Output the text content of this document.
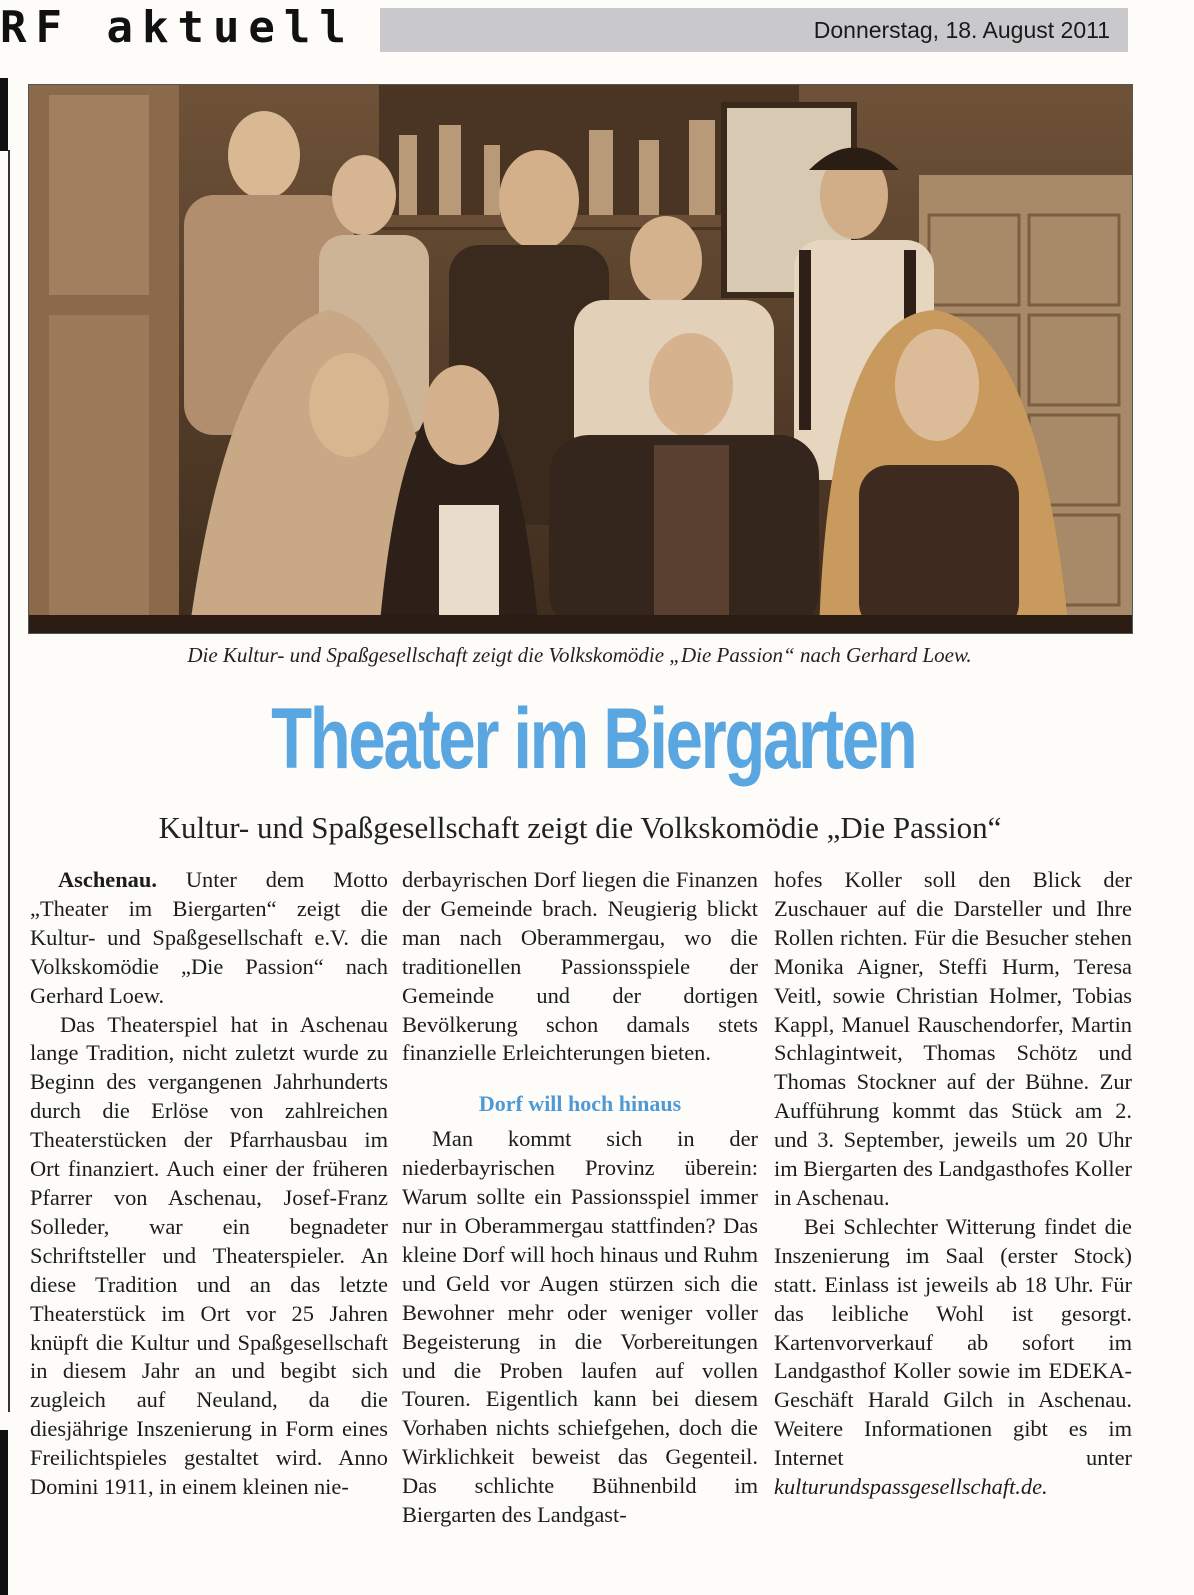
RF aktuell	Donnerstag, 18. August 2011
Die Kultur- und Spaßgesellschaft zeigt die Volkskomödie „Die Passion“ nach Gerhard Loew.
Theater im Biergarten
Kultur- und Spaßgesellschaft zeigt die Volkskomödie „Die Passion“

Aschenau. Unter dem Motto „Theater im Biergarten“ zeigt die Kultur- und Spaßgesellschaft e.V. die Volkskomödie „Die Passion“ nach Gerhard Loew.

Das Theaterspiel hat in Aschenau lange Tradition, nicht zuletzt wurde zu Beginn des vergangenen Jahrhunderts durch die Erlöse von zahlreichen Theaterstücken der Pfarrhausbau im Ort finanziert. Auch einer der früheren Pfarrer von Aschenau, Josef-Franz Solleder, war ein begnadeter Schriftsteller und Theaterspieler. An diese Tradition und an das letzte Theaterstück im Ort vor 25 Jahren knüpft die Kultur und Spaßgesellschaft in diesem Jahr an und begibt sich zugleich auf Neuland, da die diesjährige Inszenierung in Form eines Freilichtspieles gestaltet wird. Anno Domini 1911, in einem kleinen nie-

derbayrischen Dorf liegen die Finanzen der Gemeinde brach. Neugierig blickt man nach Oberammergau, wo die traditionellen Passionsspiele der Gemeinde und der dortigen Bevölkerung schon damals stets finanzielle Erleichterungen bieten.

Dorf will hoch hinaus

Man kommt sich in der niederbayrischen Provinz überein: Warum sollte ein Passionsspiel immer nur in Oberammergau stattfinden? Das kleine Dorf will hoch hinaus und Ruhm und Geld vor Augen stürzen sich die Bewohner mehr oder weniger voller Begeisterung in die Vorbereitungen und die Proben laufen auf vollen Touren. Eigentlich kann bei diesem Vorhaben nichts schiefgehen, doch die Wirklichkeit beweist das Gegenteil. Das schlichte Bühnenbild im Biergarten des Landgast-

hofes Koller soll den Blick der Zuschauer auf die Darsteller und Ihre Rollen richten. Für die Besucher stehen Monika Aigner, Steffi Hurm, Teresa Veitl, sowie Christian Holmer, Tobias Kappl, Manuel Rauschendorfer, Martin Schlagintweit, Thomas Schötz und Thomas Stockner auf der Bühne. Zur Aufführung kommt das Stück am 2. und 3. September, jeweils um 20 Uhr im Biergarten des Landgasthofes Koller in Aschenau.

Bei Schlechter Witterung findet die Inszenierung im Saal (erster Stock) statt. Einlass ist jeweils ab 18 Uhr. Für das leibliche Wohl ist gesorgt. Kartenvorverkauf ab sofort im Landgasthof Koller sowie im EDEKA-Geschäft Harald Gilch in Aschenau. Weitere Informationen gibt es im Internet unter kulturundspassgesellschaft.de.
